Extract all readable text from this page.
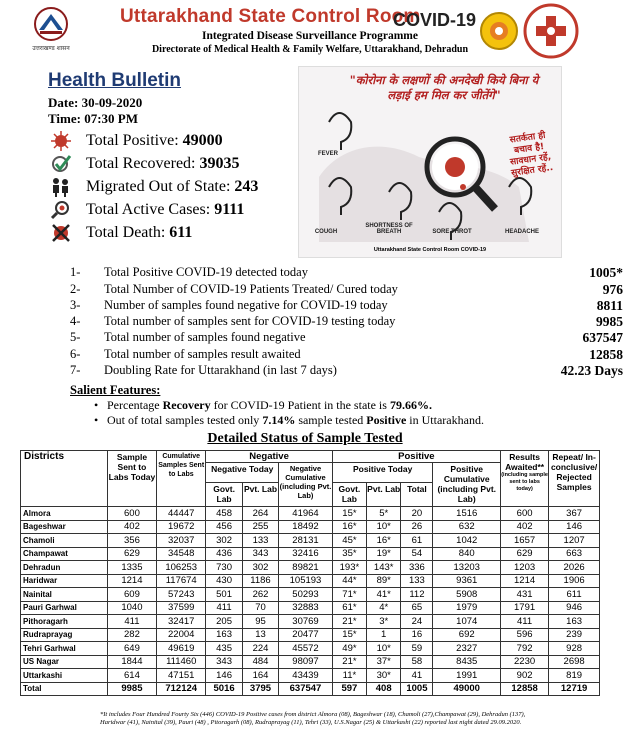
उत्तराखण्ड शासन
Uttarakhand State Control Room
COVID-19
Integrated Disease Surveillance Programme
Directorate of Medical Health & Family Welfare, Uttarakhand, Dehradun
Health Bulletin
Date: 30-09-2020
Time: 07:30 PM
Total Positive: 49000
Total Recovered: 39035
Migrated Out of State: 243
Total Active Cases: 9111
Total Death: 611
"कोरोना के लक्षणों की अनदेखी किये बिना ये लड़ाई हम मिल कर जीतेंगे"
सतर्कता ही बचाव है! सावधान रहें, सुरक्षित रहें..
FEVER
COUGH
SHORTNESS OF BREATH	SORE THROT	HEADACHE
Uttarakhand State Control Room COVID-19
1- Total Positive COVID-19 detected today	1005*
2- Total Number of COVID-19 Patients Treated/ Cured today	976
3- Number of samples found negative for COVID-19 today	8811
4- Total number of samples sent for COVID-19 testing today	9985
5- Total number of samples found negative	637547
6- Total number of samples result awaited	12858
7- Doubling Rate for Uttarakhand (in last 7 days)	42.23 Days
Salient Features:
• Percentage Recovery for COVID-19 Patient in the state is 79.66%.
• Out of total samples tested only 7.14% sample tested Positive in Uttarakhand.
Detailed Status of Sample Tested
Districts	Sample Sent to Labs Today	Cumulative Samples Sent to Labs	Negative			Positive				Results Awaited**
(including sample sent to labs today)	Repeat/ In-conclusive/ Rejected Samples
			Negative Today		Negative Cumulative (including Pvt. Lab)	Positive Today			Positive Cumulative (including Pvt. Lab)		
			Govt. Lab	Pvt. Lab		Govt. Lab	Pvt. Lab	Total			
Almora	600	44447	458	264	41964	15*	5*	20	1516	600	367
Bageshwar	402	19672	456	255	18492	16*	10*	26	632	402	146
Chamoli	356	32037	302	133	28131	45*	16*	61	1042	1657	1207
Champawat	629	34548	436	343	32416	35*	19*	54	840	629	663
Dehradun	1335	106253	730	302	89821	193*	143*	336	13203	1203	2026
Haridwar	1214	117674	430	1186	105193	44*	89*	133	9361	1214	1906
Nainital	609	57243	501	262	50293	71*	41*	112	5908	431	611
Pauri Garhwal	1040	37599	411	70	32883	61*	4*	65	1979	1791	946
Pithoragarh	411	32417	205	95	30769	21*	3*	24	1074	411	163
Rudraprayag	282	22004	163	13	20477	15*	1	16	692	596	239
Tehri Garhwal	649	49619	435	224	45572	49*	10*	59	2327	792	928
US Nagar	1844	111460	343	484	98097	21*	37*	58	8435	2230	2698
Uttarkashi	614	47151	146	164	43439	11*	30*	41	1991	902	819
Total	9985	712124	5016	3795	637547	597	408	1005	49000	12858	12719
*It includes Four Hundred Fourty Six (446) COVID-19 Positive cases from district Almora (08), Bageshwar (18), Chamoli (27),Champawat (29), Dehradun (137), Haridwar (41), Nainital (39), Pauri (48) , Pitoragarh (08), Rudraprayag (11), Tehri (33), U.S.Nagar (25) & Uttarkashi (22) reported last night dated 29.09.2020.
